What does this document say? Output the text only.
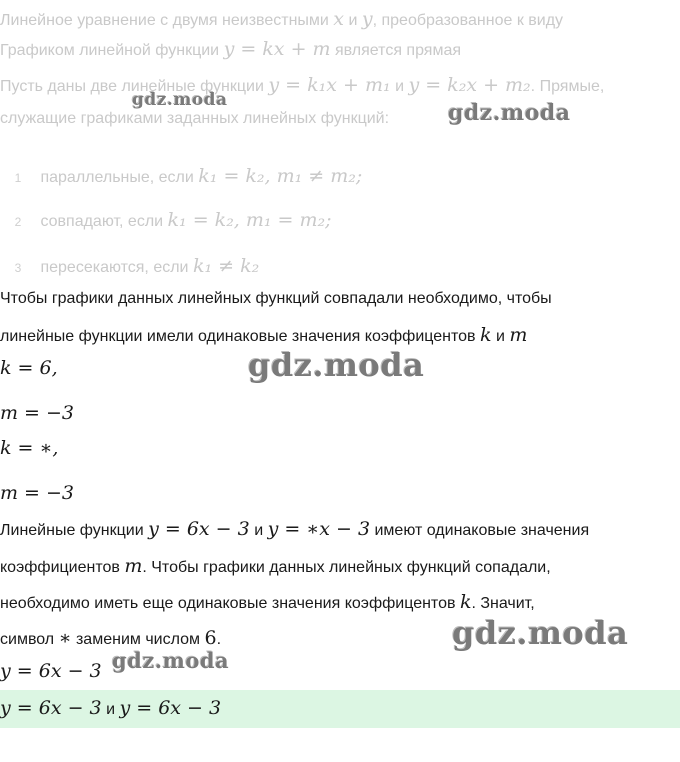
Линейное уравнение с двумя неизвестными x и y, преобразованное к виду
Графиком линейной функции y = kx + m является прямая
Пусть даны две линейные функции y = k₁x + m₁ и y = k₂x + m₂. Прямые,
служащие графиками заданных линейных функций:
1 параллельные, если k₁ = k₂, m₁ ≠ m₂;
2 совпадают, если k₁ = k₂, m₁ = m₂;
3 пересекаются, если k₁ ≠ k₂
Чтобы графики данных линейных функций совпадали необходимо, чтобы
линейные функции имели одинаковые значения коэффицентов k и m
k = 6,
m = −3
k = ∗,
m = −3
Линейные функции y = 6x − 3 и y = ∗x − 3 имеют одинаковые значения
коэффициентов m. Чтобы графики данных линейных функций сопадали,
необходимо иметь еще одинаковые значения коэффицентов k. Значит,
символ ∗ заменим числом 6.
y = 6x − 3
y = 6x − 3 и y = 6x − 3
gdz.moda	gdz.moda
gdz.moda
gdz.moda
gdz.moda
